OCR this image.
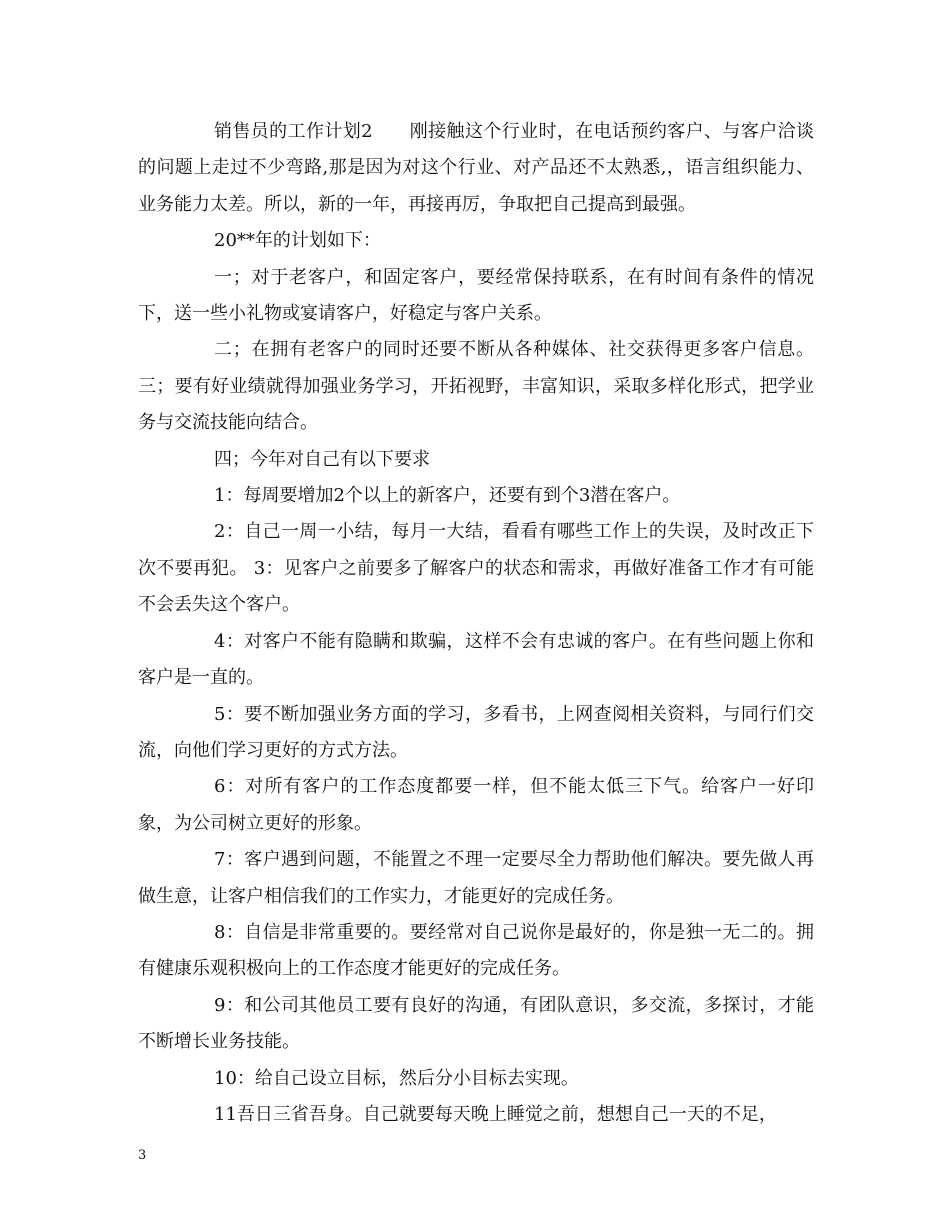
销售员的工作计划2　　刚接触这个行业时，在电话预约客户、与客户洽谈的问题上走过不少弯路,那是因为对这个行业、对产品还不太熟悉,，语言组织能力、业务能力太差。所以，新的一年，再接再厉，争取把自己提高到最强。

20**年的计划如下：

一；对于老客户，和固定客户，要经常保持联系，在有时间有条件的情况下，送一些小礼物或宴请客户，好稳定与客户关系。

二；在拥有老客户的同时还要不断从各种媒体、社交获得更多客户信息。三；要有好业绩就得加强业务学习，开拓视野，丰富知识，采取多样化形式，把学业务与交流技能向结合。

四；今年对自己有以下要求

1：每周要增加2个以上的新客户，还要有到个3潜在客户。

2：自己一周一小结，每月一大结，看看有哪些工作上的失误，及时改正下次不要再犯。 3：见客户之前要多了解客户的状态和需求，再做好准备工作才有可能不会丢失这个客户。

4：对客户不能有隐瞒和欺骗，这样不会有忠诚的客户。在有些问题上你和客户是一直的。

5：要不断加强业务方面的学习，多看书，上网查阅相关资料，与同行们交流，向他们学习更好的方式方法。

6：对所有客户的工作态度都要一样，但不能太低三下气。给客户一好印象，为公司树立更好的形象。

7：客户遇到问题，不能置之不理一定要尽全力帮助他们解决。要先做人再做生意，让客户相信我们的工作实力，才能更好的完成任务。

8：自信是非常重要的。要经常对自己说你是最好的，你是独一无二的。拥有健康乐观积极向上的工作态度才能更好的完成任务。

9：和公司其他员工要有良好的沟通，有团队意识，多交流，多探讨，才能不断增长业务技能。

10：给自己设立目标，然后分小目标去实现。

11吾日三省吾身。自己就要每天晚上睡觉之前，想想自己一天的不足，

3
